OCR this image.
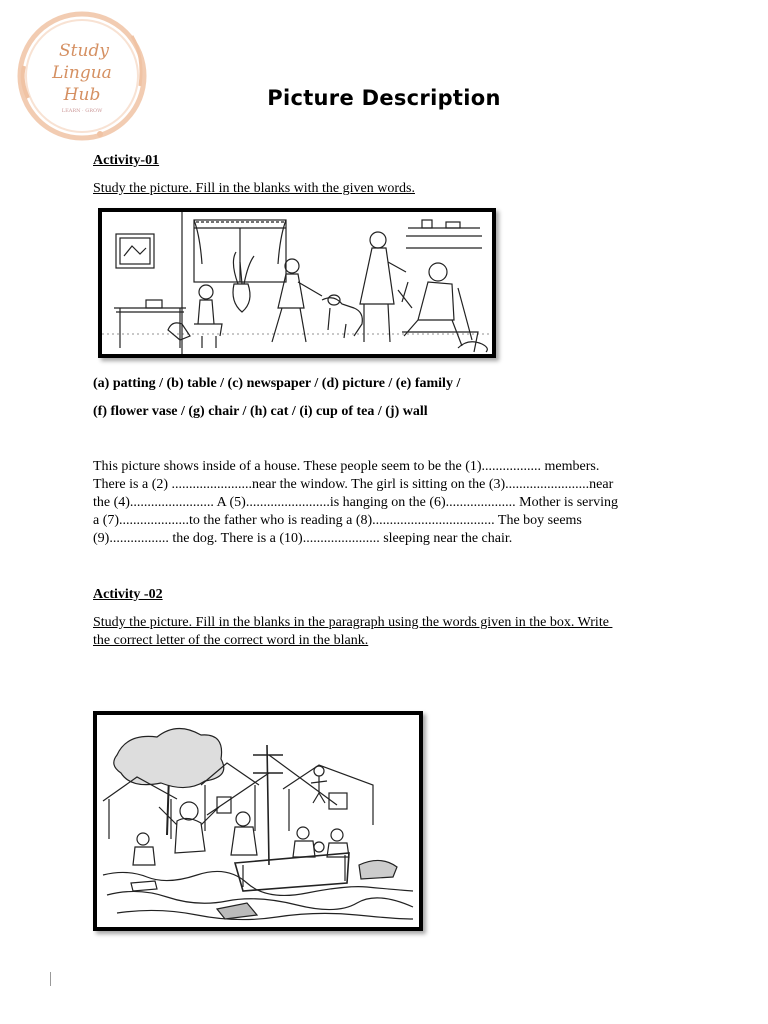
Study
Lingua
Hub
LEARN · GROW
Picture Description
Activity-01
Study the picture. Fill in the blanks with the given words.
(a) patting / (b) table / (c) newspaper / (d) picture / (e) family /
(f) flower vase / (g) chair / (h) cat / (i) cup of tea / (j) wall
This picture shows inside of a house. These people seem to be the (1)................. members.
There is a (2) .......................near the window. The girl is sitting on the (3)........................near
the (4)........................ A (5)........................is hanging on the (6).................... Mother is serving
a (7)....................to the father who is reading a (8)................................... The boy seems
(9)................. the dog. There is a (10)...................... sleeping near the chair.
Activity -02
Study the picture. Fill in the blanks in the paragraph using the words given in the box. Write
the correct letter of the correct word in the blank.
